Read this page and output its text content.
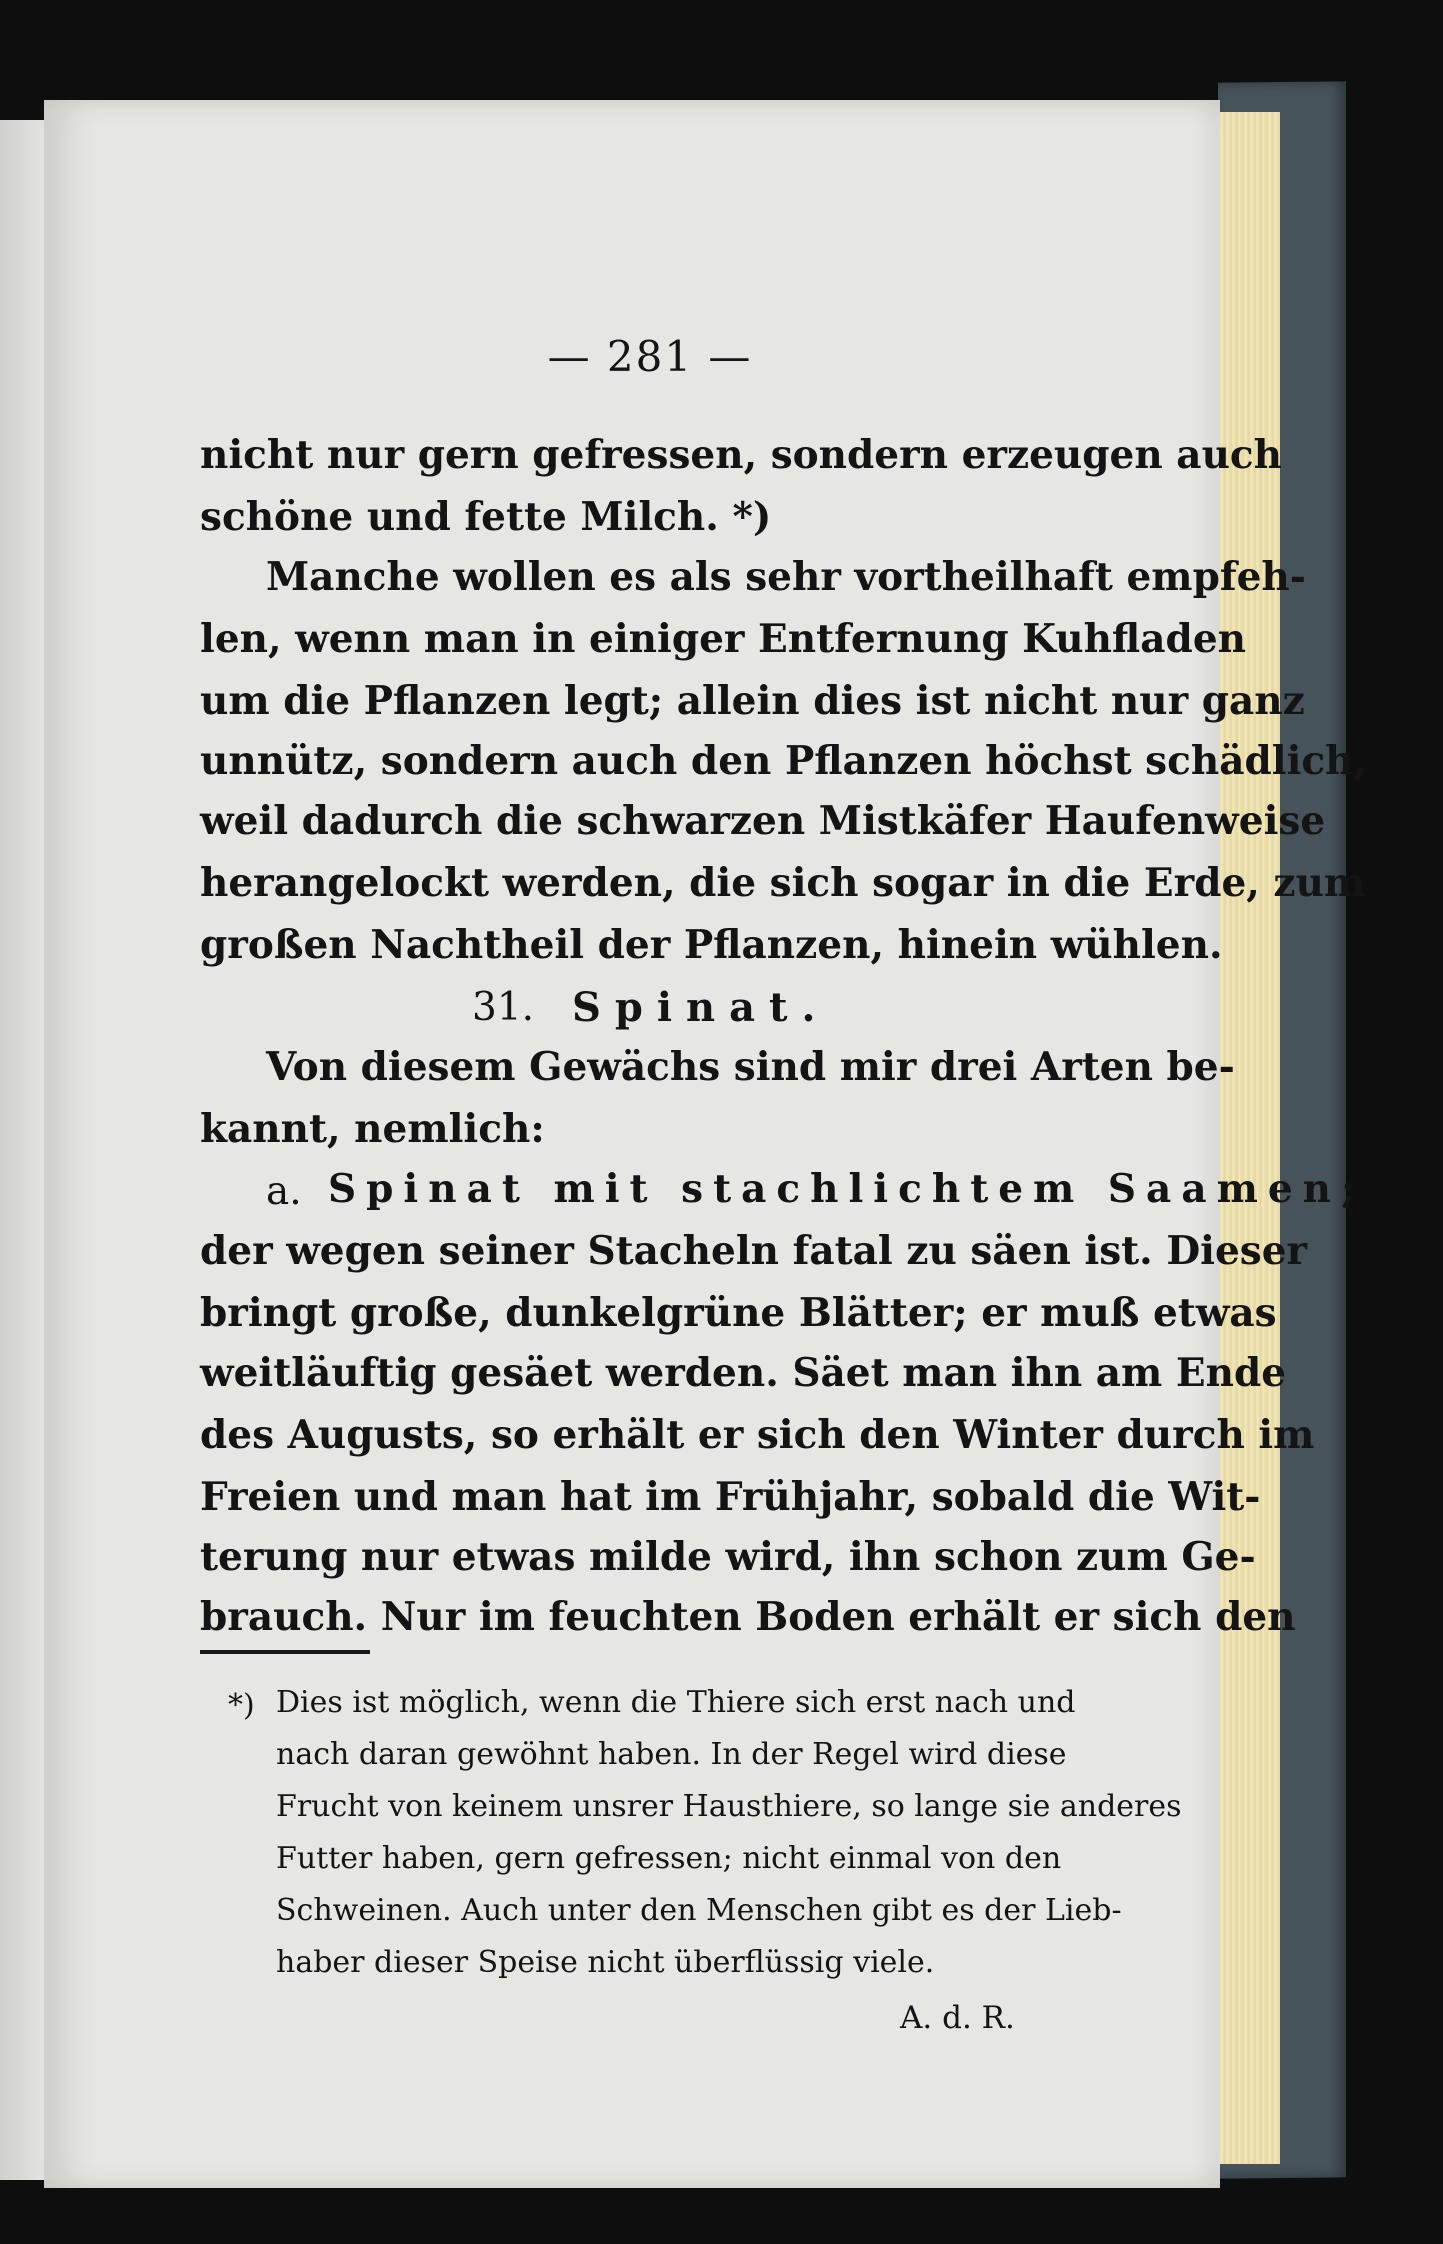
— 281 —
nicht nur gern gefressen, sondern erzeugen auch
schöne und fette Milch. *)
Manche wollen es als sehr vortheilhaft empfeh-
len, wenn man in einiger Entfernung Kuhfladen
um die Pflanzen legt; allein dies ist nicht nur ganz
unnütz, sondern auch den Pflanzen höchst schädlich,
weil dadurch die schwarzen Mistkäfer Haufenweise
herangelockt werden, die sich sogar in die Erde, zum
großen Nachtheil der Pflanzen, hinein wühlen.
31. Spinat.
Von diesem Gewächs sind mir drei Arten be-
kannt, nemlich:
a. Spinat mit stachlichtem Saamen;
der wegen seiner Stacheln fatal zu säen ist. Dieser
bringt große, dunkelgrüne Blätter; er muß etwas
weitläuftig gesäet werden. Säet man ihn am Ende
des Augusts, so erhält er sich den Winter durch im
Freien und man hat im Frühjahr, sobald die Wit-
terung nur etwas milde wird, ihn schon zum Ge-
brauch. Nur im feuchten Boden erhält er sich den
*) Dies ist möglich, wenn die Thiere sich erst nach und
nach daran gewöhnt haben. In der Regel wird diese
Frucht von keinem unsrer Hausthiere, so lange sie anderes
Futter haben, gern gefressen; nicht einmal von den
Schweinen. Auch unter den Menschen gibt es der Lieb-
haber dieser Speise nicht überflüssig viele.
A. d. R.
